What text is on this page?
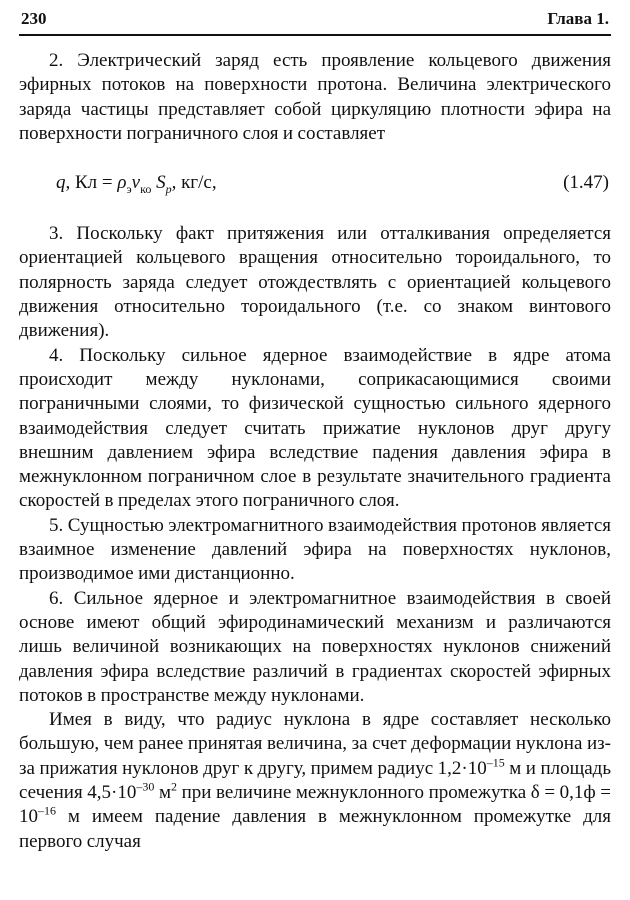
230	Глава 1.

2. Электрический заряд есть проявление кольцевого движения эфирных потоков на поверхности протона. Величина электрического заряда частицы представляет собой циркуляцию плотности эфира на поверхности пограничного слоя и составляет

q, Кл = $\rho_эv_{ко}$ $S_p$, кг/с,	(1.47)

3. Поскольку факт притяжения или отталкивания определяется ориентацией кольцевого вращения относительно тороидального, то полярность заряда следует отождествлять с ориентацией кольцевого движения относительно тороидального (т.е. со знаком винтового движения).

4. Поскольку сильное ядерное взаимодействие в ядре атома происходит между нуклонами, соприкасающимися своими пограничными слоями, то физической сущностью сильного ядерного взаимодействия следует считать прижатие нуклонов друг другу внешним давлением эфира вследствие падения давления эфира в межнуклонном пограничном слое в результате значительного градиента скоростей в пределах этого пограничного слоя.

5. Сущностью электромагнитного взаимодействия протонов является взаимное изменение давлений эфира на поверхностях нуклонов, производимое ими дистанционно.

6. Сильное ядерное и электромагнитное взаимодействия в своей основе имеют общий эфиродинамический механизм и различаются лишь величиной возникающих на поверхностях нуклонов снижений давления эфира вследствие различий в градиентах скоростей эфирных потоков в пространстве между нуклонами.

Имея в виду, что радиус нуклона в ядре составляет несколько большую, чем ранее принятая величина, за счет деформации нуклона из-за прижатия нуклонов друг к другу, примем радиус $1,2\cdot 10^{-15}$ м и площадь сечения $4,5\cdot 10^{-30}$ $м^2$ при величине межнуклонного промежутка $\delta = 0,1ф = 10^{-16}$ м имеем падение давления в межнуклонном промежутке для первого случая
